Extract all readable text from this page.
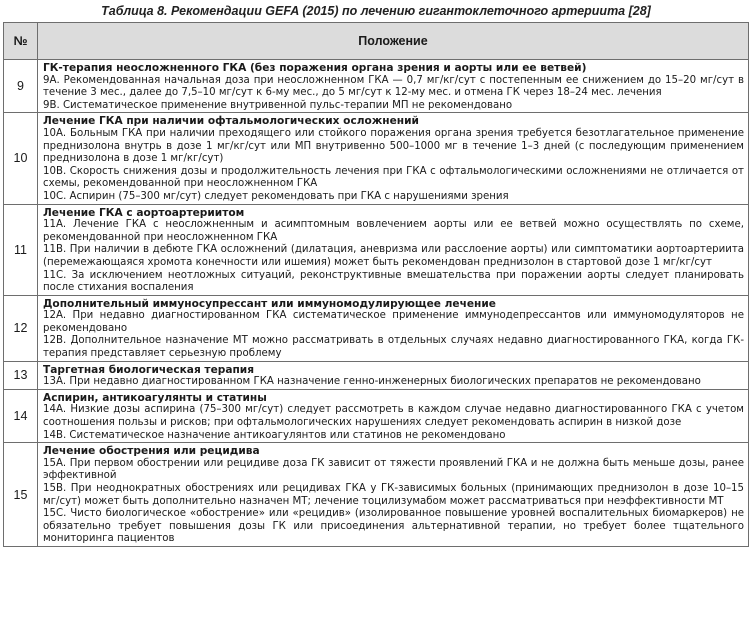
Таблица 8. Рекомендации GEFA (2015) по лечению гигантоклеточного артериита [28]
№	Положение
9	ГК-терапия неосложненного ГКА (без поражения органа зрения и аорты или ее ветвей)
9А. Рекомендованная начальная доза при неосложненном ГКА — 0,7 мг/кг/сут с постепенным ее снижением до 15–20 мг/сут в течение 3 мес., далее до 7,5–10 мг/сут к 6-му мес., до 5 мг/сут к 12-му мес. и отмена ГК через 18–24 мес. лечения
9В. Систематическое применение внутривенной пульс-терапии МП не рекомендовано

10	Лечение ГКА при наличии офтальмологических осложнений
10А. Больным ГКА при наличии преходящего или стойкого поражения органа зрения требуется безотлагательное применение преднизолона внутрь в дозе 1 мг/кг/сут или МП внутривенно 500–1000 мг в течение 1–3 дней (с последующим применением преднизолона в дозе 1 мг/кг/сут)
10В. Скорость снижения дозы и продолжительность лечения при ГКА с офтальмологическими осложнениями не отличается от схемы, рекомендованной при неосложненном ГКА
10С. Аспирин (75–300 мг/сут) следует рекомендовать при ГКА с нарушениями зрения

11	Лечение ГКА с аортоартериитом
11А. Лечение ГКА с неосложненным и асимптомным вовлечением аорты или ее ветвей можно осуществлять по схеме, рекомендованной при неосложненном ГКА
11В. При наличии в дебюте ГКА осложнений (дилатация, аневризма или расслоение аорты) или симптоматики аортоартериита (перемежающаяся хромота конечности или ишемия) может быть рекомендован преднизолон в стартовой дозе 1 мг/кг/сут
11С. За исключением неотложных ситуаций, реконструктивные вмешательства при поражении аорты следует планировать после стихания воспаления

12	Дополнительный иммуносупрессант или иммуномодулирующее лечение
12А. При недавно диагностированном ГКА систематическое применение иммунодепрессантов или иммуномодуляторов не рекомендовано
12В. Дополнительное назначение МТ можно рассматривать в отдельных случаях недавно диагностированного ГКА, когда ГК-терапия представляет серьезную проблему

13	Таргетная биологическая терапия
13А. При недавно диагностированном ГКА назначение генно-инженерных биологических препаратов не рекомендовано

14	Аспирин, антикоагулянты и статины
14А. Низкие дозы аспирина (75–300 мг/сут) следует рассмотреть в каждом случае недавно диагностированного ГКА с учетом соотношения пользы и рисков; при офтальмологических нарушениях следует рекомендовать аспирин в низкой дозе
14В. Систематическое назначение антикоагулянтов или статинов не рекомендовано

15	Лечение обострения или рецидива
15А. При первом обострении или рецидиве доза ГК зависит от тяжести проявлений ГКА и не должна быть меньше дозы, ранее эффективной
15В. При неоднократных обострениях или рецидивах ГКА у ГК-зависимых больных (принимающих преднизолон в дозе 10–15 мг/сут) может быть дополнительно назначен МТ; лечение тоцилизумабом может рассматриваться при неэффективности МТ
15С. Чисто биологическое «обострение» или «рецидив» (изолированное повышение уровней воспалительных биомаркеров) не обязательно требует повышения дозы ГК или присоединения альтернативной терапии, но требует более тщательного мониторинга пациентов
